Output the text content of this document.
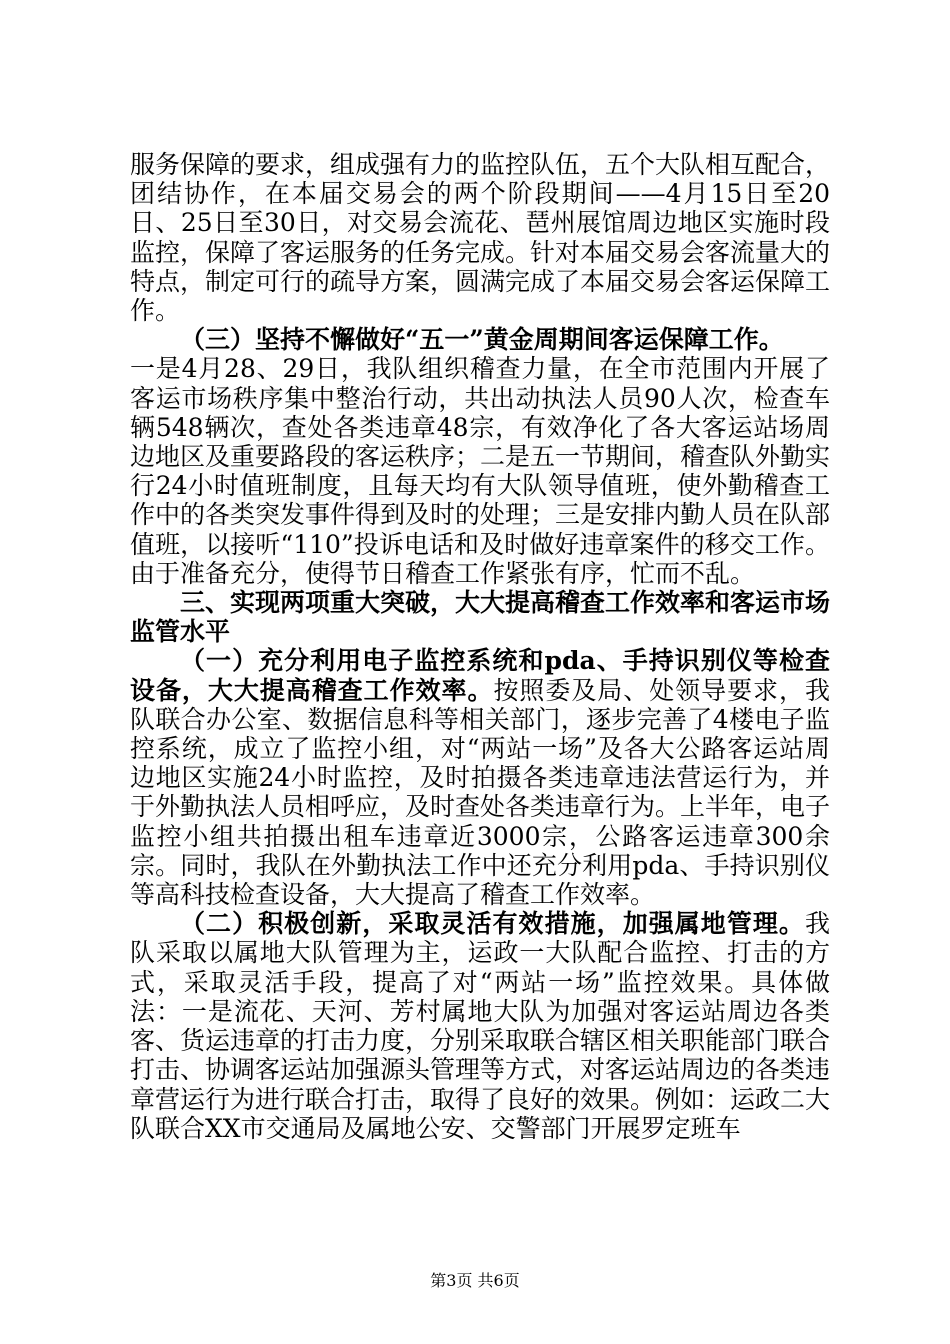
服务保障的要求，组成强有力的监控队伍，五个大队相互配合，团结协作，在本届交易会的两个阶段期间——4月15日至20日、25日至30日，对交易会流花、琶州展馆周边地区实施时段监控，保障了客运服务的任务完成。针对本届交易会客流量大的特点，制定可行的疏导方案，圆满完成了本届交易会客运保障工作。

（三）坚持不懈做好“五一”黄金周期间客运保障工作。
一是4月28、29日，我队组织稽查力量，在全市范围内开展了客运市场秩序集中整治行动，共出动执法人员90人次，检查车辆548辆次，查处各类违章48宗，有效净化了各大客运站场周边地区及重要路段的客运秩序；二是五一节期间，稽查队外勤实行24小时值班制度，且每天均有大队领导值班，使外勤稽查工作中的各类突发事件得到及时的处理；三是安排内勤人员在队部值班，以接听“110”投诉电话和及时做好违章案件的移交工作。由于准备充分，使得节日稽查工作紧张有序，忙而不乱。

三、实现两项重大突破，大大提高稽查工作效率和客运市场监管水平

（一）充分利用电子监控系统和pda、手持识别仪等检查设备，大大提高稽查工作效率。按照委及局、处领导要求，我队联合办公室、数据信息科等相关部门，逐步完善了4楼电子监控系统，成立了监控小组，对“两站一场”及各大公路客运站周边地区实施24小时监控，及时拍摄各类违章违法营运行为，并于外勤执法人员相呼应，及时查处各类违章行为。上半年，电子监控小组共拍摄出租车违章近3000宗，公路客运违章300余宗。同时，我队在外勤执法工作中还充分利用pda、手持识别仪等高科技检查设备，大大提高了稽查工作效率。

（二）积极创新，采取灵活有效措施，加强属地管理。我队采取以属地大队管理为主，运政一大队配合监控、打击的方式，采取灵活手段，提高了对“两站一场”监控效果。具体做法：一是流花、天河、芳村属地大队为加强对客运站周边各类客、货运违章的打击力度，分别采取联合辖区相关职能部门联合打击、协调客运站加强源头管理等方式，对客运站周边的各类违章营运行为进行联合打击，取得了良好的效果。例如：运政二大队联合XX市交通局及属地公安、交警部门开展罗定班车

第3页 共6页
